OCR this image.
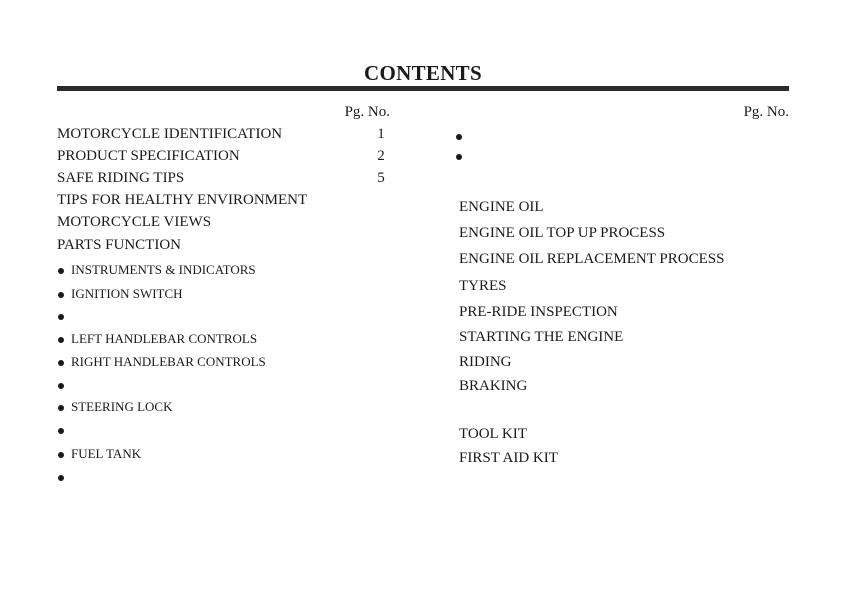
CONTENTS
Pg. No.	Pg. No.
MOTORCYCLE IDENTIFICATION	1
PRODUCT SPECIFICATION	2
SAFE RIDING TIPS	5
TIPS FOR HEALTHY ENVIRONMENT
MOTORCYCLE VIEWS
PARTS FUNCTION
INSTRUMENTS & INDICATORS
IGNITION SWITCH
LEFT HANDLEBAR CONTROLS
RIGHT HANDLEBAR CONTROLS
STEERING LOCK
FUEL TANK
ENGINE OIL
ENGINE OIL TOP UP PROCESS
ENGINE OIL REPLACEMENT PROCESS
TYRES
PRE-RIDE INSPECTION
STARTING THE ENGINE
RIDING
BRAKING
TOOL KIT
FIRST AID KIT
